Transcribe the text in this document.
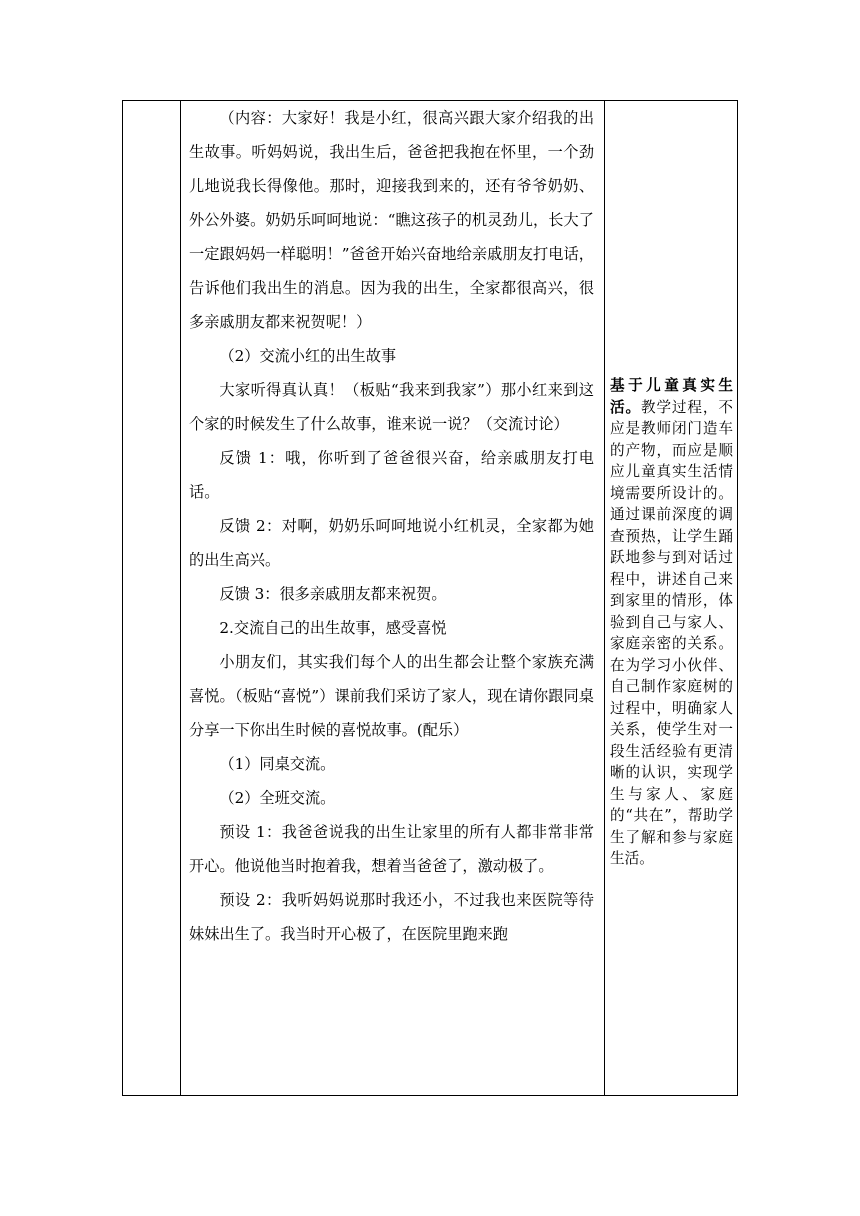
（内容：大家好！我是小红，很高兴跟大家介绍我的出生故事。听妈妈说，我出生后，爸爸把我抱在怀里，一个劲儿地说我长得像他。那时，迎接我到来的，还有爷爷奶奶、外公外婆。奶奶乐呵呵地说：“瞧这孩子的机灵劲儿，长大了一定跟妈妈一样聪明！”爸爸开始兴奋地给亲戚朋友打电话，告诉他们我出生的消息。因为我的出生，全家都很高兴，很多亲戚朋友都来祝贺呢！）

（2）交流小红的出生故事

大家听得真认真！（板贴“我来到我家”）那小红来到这个家的时候发生了什么故事，谁来说一说？（交流讨论）

反馈 1：哦，你听到了爸爸很兴奋，给亲戚朋友打电话。

反馈 2：对啊，奶奶乐呵呵地说小红机灵，全家都为她的出生高兴。

反馈 3：很多亲戚朋友都来祝贺。

2.交流自己的出生故事，感受喜悦

小朋友们，其实我们每个人的出生都会让整个家族充满喜悦。（板贴“喜悦”）课前我们采访了家人，现在请你跟同桌分享一下你出生时候的喜悦故事。(配乐）

（1）同桌交流。

（2）全班交流。

预设 1：我爸爸说我的出生让家里的所有人都非常非常开心。他说他当时抱着我，想着当爸爸了，激动极了。

预设 2：我听妈妈说那时我还小，不过我也来医院等待妹妹出生了。我当时开心极了，在医院里跑来跑

基于儿童真实生活。教学过程，不应是教师闭门造车的产物，而应是顺应儿童真实生活情境需要所设计的。通过课前深度的调查预热，让学生踊跃地参与到对话过程中，讲述自己来到家里的情形，体验到自己与家人、家庭亲密的关系。在为学习小伙伴、自己制作家庭树的过程中，明确家人关系，使学生对一段生活经验有更清晰的认识，实现学生与家人、家庭的“共在”，帮助学生了解和参与家庭生活。
